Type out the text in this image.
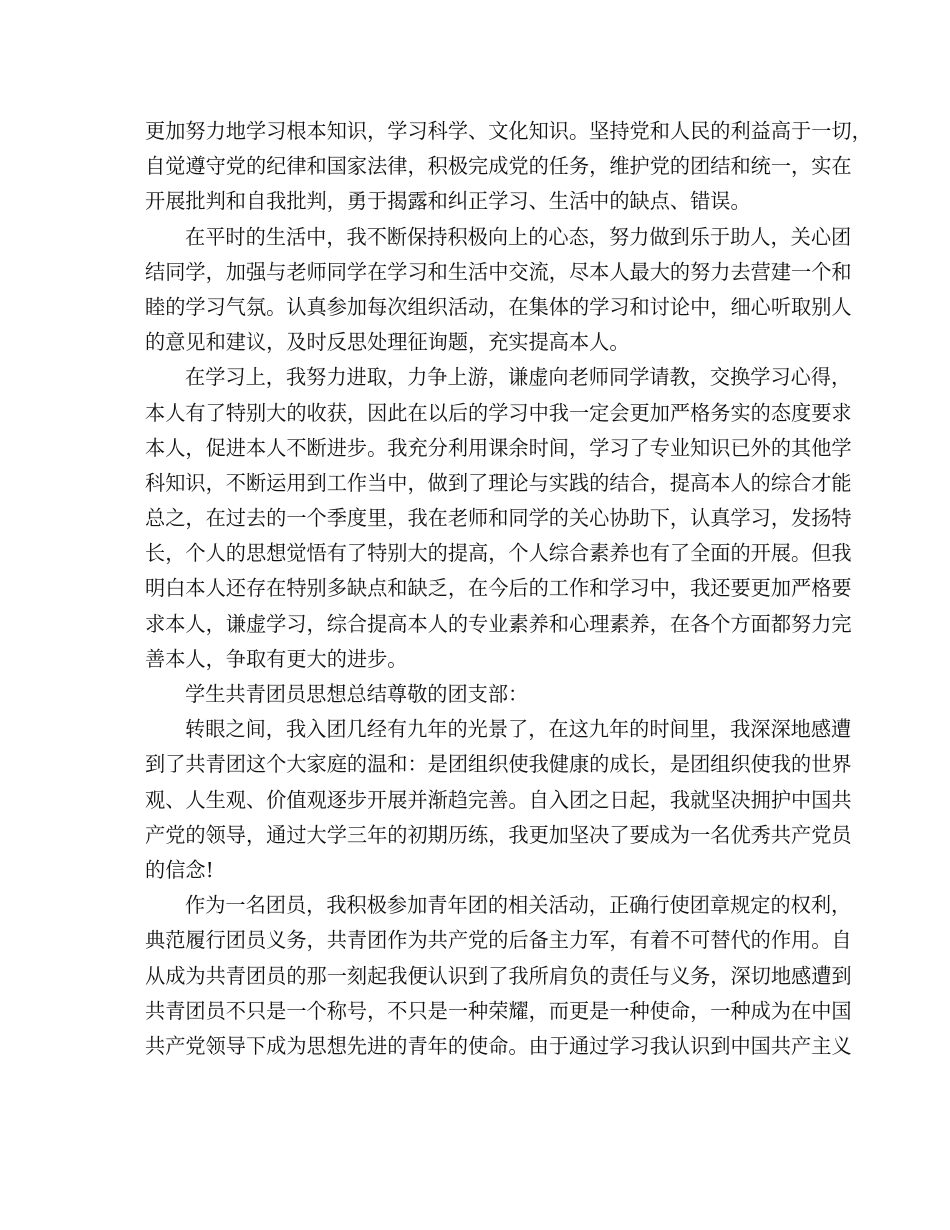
更加努力地学习根本知识，学习科学、文化知识。坚持党和人民的利益高于一切，
自觉遵守党的纪律和国家法律，积极完成党的任务，维护党的团结和统一，实在
开展批判和自我批判，勇于揭露和纠正学习、生活中的缺点、错误。
在平时的生活中，我不断保持积极向上的心态，努力做到乐于助人，关心团
结同学，加强与老师同学在学习和生活中交流，尽本人最大的努力去营建一个和
睦的学习气氛。认真参加每次组织活动，在集体的学习和讨论中，细心听取别人
的意见和建议，及时反思处理征询题，充实提高本人。
在学习上，我努力进取，力争上游，谦虚向老师同学请教，交换学习心得，
本人有了特别大的收获，因此在以后的学习中我一定会更加严格务实的态度要求
本人，促进本人不断进步。我充分利用课余时间，学习了专业知识已外的其他学
科知识，不断运用到工作当中，做到了理论与实践的结合，提高本人的综合才能
总之，在过去的一个季度里，我在老师和同学的关心协助下，认真学习，发扬特
长，个人的思想觉悟有了特别大的提高，个人综合素养也有了全面的开展。但我
明白本人还存在特别多缺点和缺乏，在今后的工作和学习中，我还要更加严格要
求本人，谦虚学习，综合提高本人的专业素养和心理素养，在各个方面都努力完
善本人，争取有更大的进步。
学生共青团员思想总结尊敬的团支部：
转眼之间，我入团几经有九年的光景了，在这九年的时间里，我深深地感遭
到了共青团这个大家庭的温和：是团组织使我健康的成长，是团组织使我的世界
观、人生观、价值观逐步开展并渐趋完善。自入团之日起，我就坚决拥护中国共
产党的领导，通过大学三年的初期历练，我更加坚决了要成为一名优秀共产党员
的信念!
作为一名团员，我积极参加青年团的相关活动，正确行使团章规定的权利，
典范履行团员义务，共青团作为共产党的后备主力军，有着不可替代的作用。自
从成为共青团员的那一刻起我便认识到了我所肩负的责任与义务，深切地感遭到
共青团员不只是一个称号，不只是一种荣耀，而更是一种使命，一种成为在中国
共产党领导下成为思想先进的青年的使命。由于通过学习我认识到中国共产主义
